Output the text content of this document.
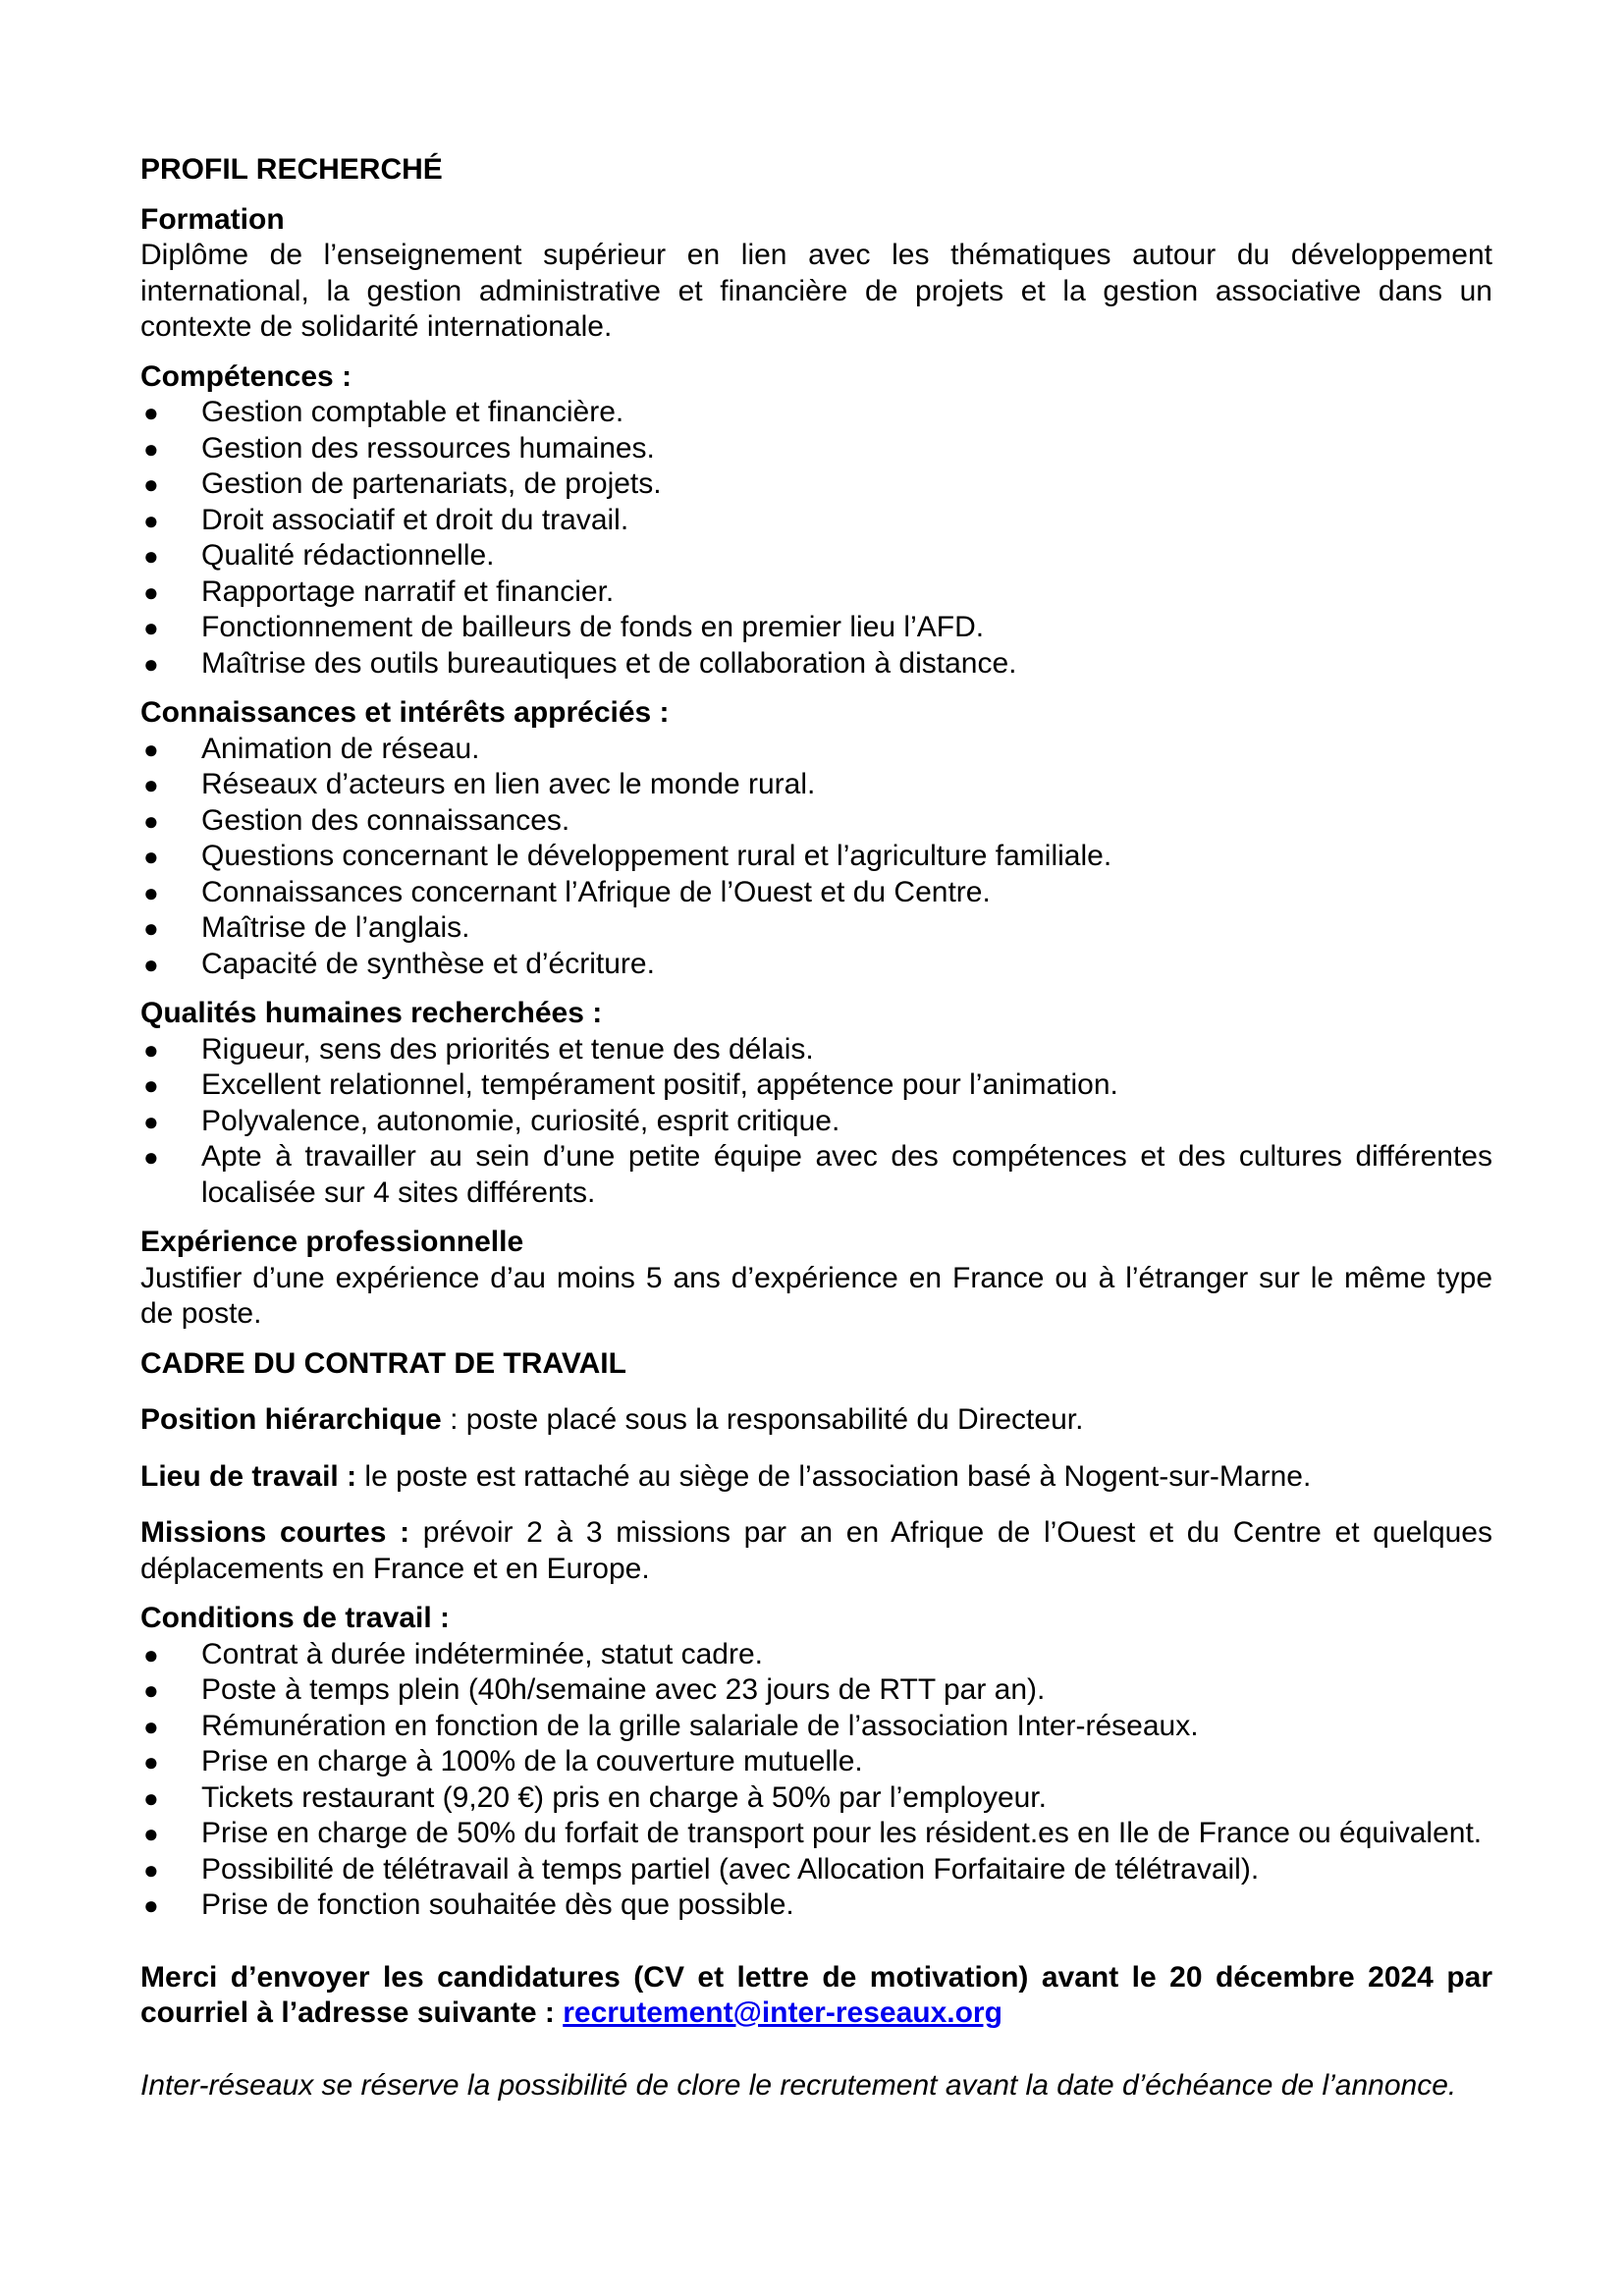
PROFIL RECHERCHÉ
Formation

Diplôme de l’enseignement supérieur en lien avec les thématiques autour du développement international, la gestion administrative et financière de projets et la gestion associative dans un contexte de solidarité internationale.

Compétences :
● Gestion comptable et financière.
● Gestion des ressources humaines.
● Gestion de partenariats, de projets.
● Droit associatif et droit du travail.
● Qualité rédactionnelle.
● Rapportage narratif et financier.
● Fonctionnement de bailleurs de fonds en premier lieu l’AFD.
● Maîtrise des outils bureautiques et de collaboration à distance.
Connaissances et intérêts appréciés :
● Animation de réseau.
● Réseaux d’acteurs en lien avec le monde rural.
● Gestion des connaissances.
● Questions concernant le développement rural et l’agriculture familiale.
● Connaissances concernant l’Afrique de l’Ouest et du Centre.
● Maîtrise de l’anglais.
● Capacité de synthèse et d’écriture.
Qualités humaines recherchées :
● Rigueur, sens des priorités et tenue des délais.
● Excellent relationnel, tempérament positif, appétence pour l’animation.
● Polyvalence, autonomie, curiosité, esprit critique.
● Apte à travailler au sein d’une petite équipe avec des compétences et des cultures différentes localisée sur 4 sites différents.
Expérience professionnelle

Justifier d’une expérience d’au moins 5 ans d’expérience en France ou à l’étranger sur le même type de poste.

CADRE DU CONTRAT DE TRAVAIL

Position hiérarchique : poste placé sous la responsabilité du Directeur.

Lieu de travail : le poste est rattaché au siège de l’association basé à Nogent-sur-Marne.

Missions courtes : prévoir 2 à 3 missions par an en Afrique de l’Ouest et du Centre et quelques déplacements en France et en Europe.

Conditions de travail :
● Contrat à durée indéterminée, statut cadre.
● Poste à temps plein (40h/semaine avec 23 jours de RTT par an).
● Rémunération en fonction de la grille salariale de l’association Inter-réseaux.
● Prise en charge à 100% de la couverture mutuelle.
● Tickets restaurant (9,20 €) pris en charge à 50% par l’employeur.
● Prise en charge de 50% du forfait de transport pour les résident.es en Ile de France ou équivalent.
● Possibilité de télétravail à temps partiel (avec Allocation Forfaitaire de télétravail).
● Prise de fonction souhaitée dès que possible.

Merci d’envoyer les candidatures (CV et lettre de motivation) avant le 20 décembre 2024 par courriel à l’adresse suivante : recrutement@inter-reseaux.org

Inter-réseaux se réserve la possibilité de clore le recrutement avant la date d’échéance de l’annonce.
